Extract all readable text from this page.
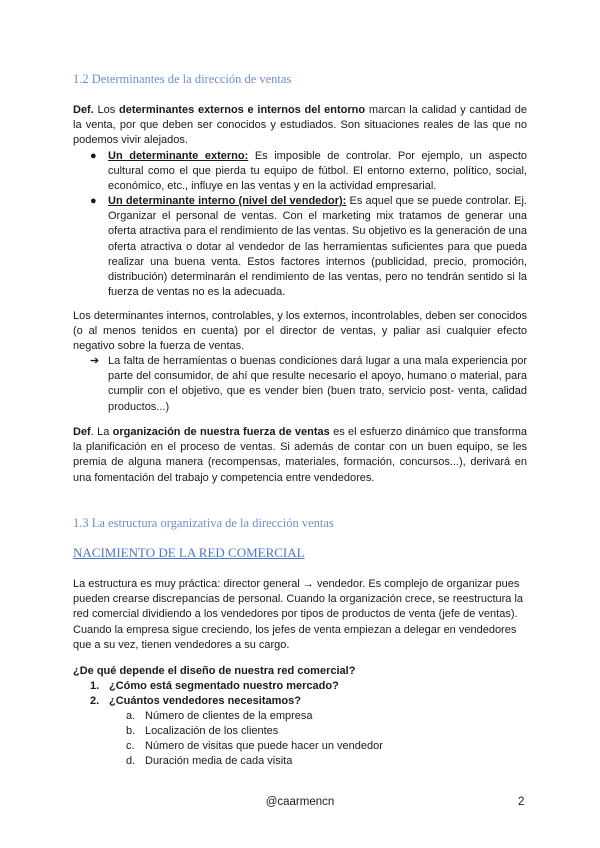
1.2 Determinantes de la dirección de ventas

Def. Los determinantes externos e internos del entorno marcan la calidad y cantidad de la venta, por que deben ser conocidos y estudiados. Son situaciones reales de las que no podemos vivir alejados.

● Un determinante externo: Es imposible de controlar. Por ejemplo, un aspecto cultural como el que pierda tu equipo de fútbol. El entorno externo, político, social, económico, etc., influye en las ventas y en la actividad empresarial.

● Un determinante interno (nivel del vendedor): Es aquel que se puede controlar. Ej. Organizar el personal de ventas. Con el marketing mix tratamos de generar una oferta atractiva para el rendimiento de las ventas. Su objetivo es la generación de una oferta atractiva o dotar al vendedor de las herramientas suficientes para que pueda realizar una buena venta. Estos factores internos (publicidad, precio, promoción, distribución) determinarán el rendimiento de las ventas, pero no tendrán sentido si la fuerza de ventas no es la adecuada.

Los determinantes internos, controlables, y los externos, incontrolables, deben ser conocidos (o al menos tenidos en cuenta) por el director de ventas, y paliar así cualquier efecto negativo sobre la fuerza de ventas.

➔ La falta de herramientas o buenas condiciones dará lugar a una mala experiencia por parte del consumidor, de ahí que resulte necesario el apoyo, humano o material, para cumplir con el objetivo, que es vender bien (buen trato, servicio post- venta, calidad productos...)

Def. La organización de nuestra fuerza de ventas es el esfuerzo dinámico que transforma la planificación en el proceso de ventas. Si además de contar con un buen equipo, se les premia de alguna manera (recompensas, materiales, formación, concursos...), derivará en una fomentación del trabajo y competencia entre vendedores.

1.3 La estructura organizativa de la dirección ventas
NACIMIENTO DE LA RED COMERCIAL

La estructura es muy práctica: director general → vendedor. Es complejo de organizar pues pueden crearse discrepancias de personal. Cuando la organización crece, se reestructura la red comercial dividiendo a los vendedores por tipos de productos de venta (jefe de ventas). Cuando la empresa sigue creciendo, los jefes de venta empiezan a delegar en vendedores que a su vez, tienen vendedores a su cargo.

¿De qué depende el diseño de nuestra red comercial?
1. ¿Cómo está segmentado nuestro mercado?
2. ¿Cuántos vendedores necesitamos?
a. Número de clientes de la empresa
b. Localización de los clientes
c. Número de visitas que puede hacer un vendedor
d. Duración media de cada visita
@caarmencn	2
